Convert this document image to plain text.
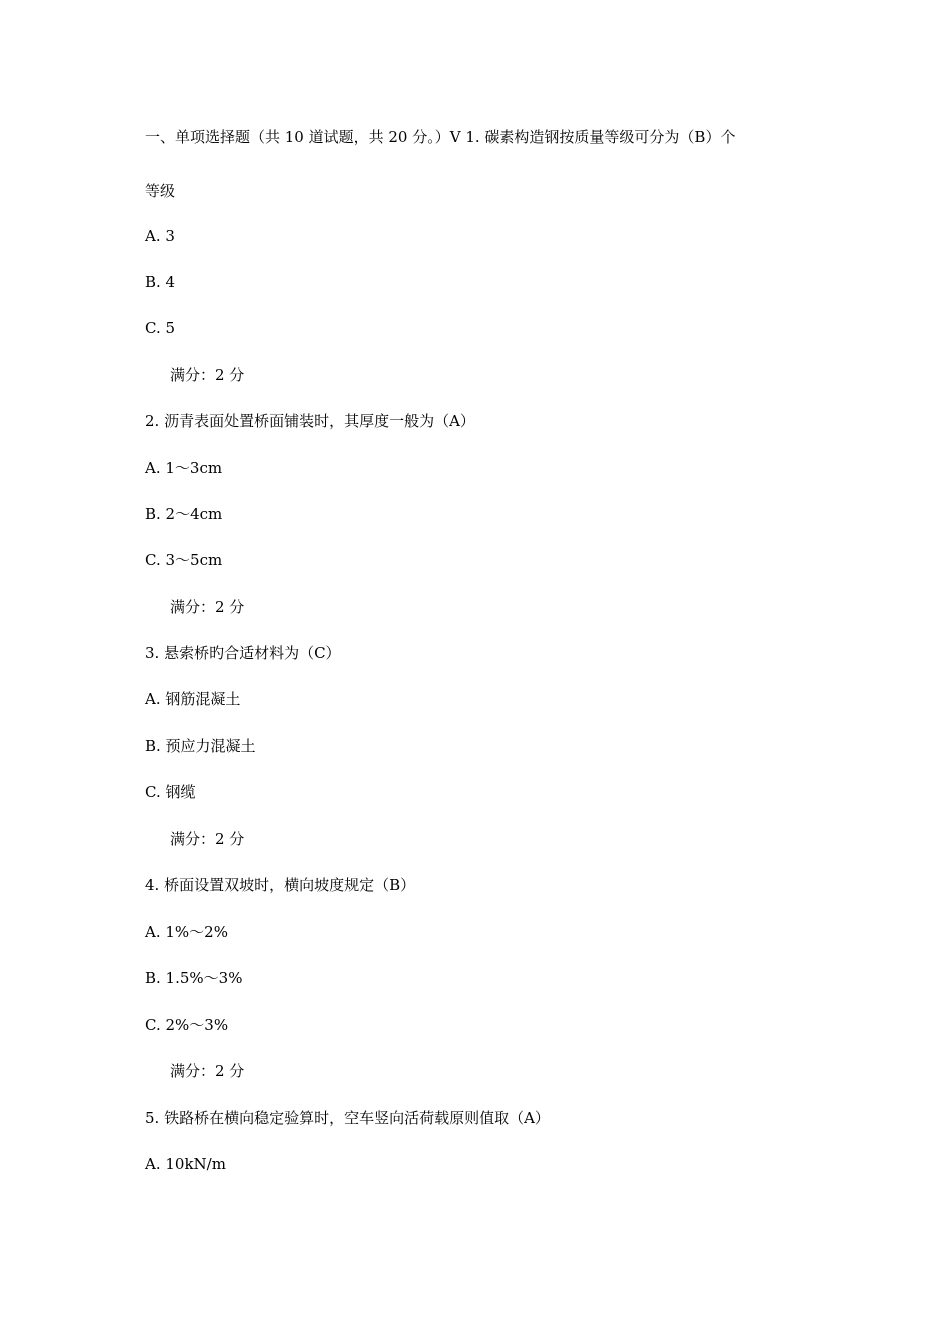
一、单项选择题（共 10 道试题，共 20 分。）V 1. 碳素构造钢按质量等级可分为（B）个
等级
A. 3
B. 4
C. 5
满分：2 分
2. 沥青表面处置桥面铺装时，其厚度一般为（A）
A. 1～3cm
B. 2～4cm
C. 3～5cm
满分：2 分
3. 悬索桥旳合适材料为（C）
A. 钢筋混凝土
B. 预应力混凝土
C. 钢缆
满分：2 分
4. 桥面设置双坡时，横向坡度规定（B）
A. 1%～2%
B. 1.5%～3%
C. 2%～3%
满分：2 分
5. 铁路桥在横向稳定验算时，空车竖向活荷载原则值取（A）
A. 10kN/m
